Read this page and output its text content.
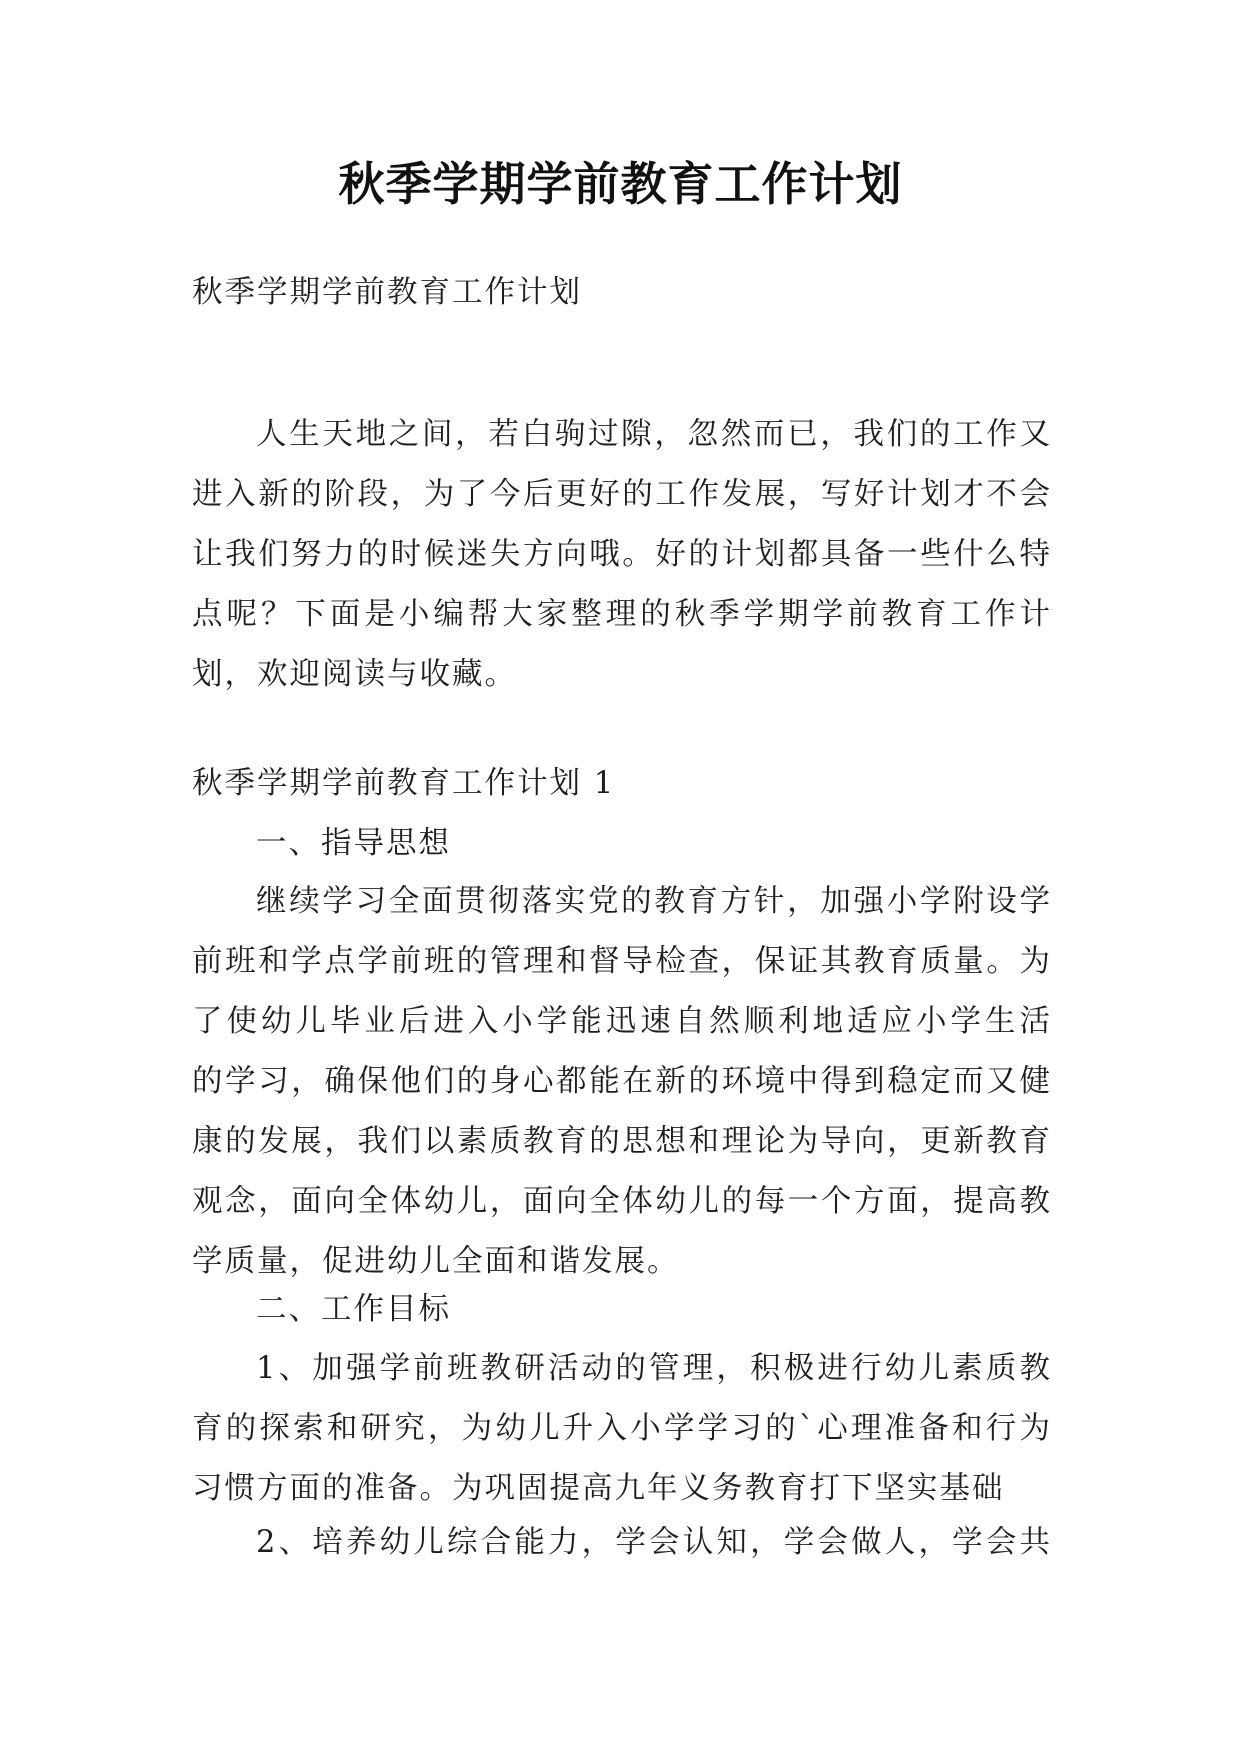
秋季学期学前教育工作计划
秋季学期学前教育工作计划
人生天地之间，若白驹过隙，忽然而已，我们的工作又
进入新的阶段，为了今后更好的工作发展，写好计划才不会
让我们努力的时候迷失方向哦。好的计划都具备一些什么特
点呢？下面是小编帮大家整理的秋季学期学前教育工作计
划，欢迎阅读与收藏。
秋季学期学前教育工作计划 1
一、指导思想
继续学习全面贯彻落实党的教育方针，加强小学附设学
前班和学点学前班的管理和督导检查，保证其教育质量。为
了使幼儿毕业后进入小学能迅速自然顺利地适应小学生活
的学习，确保他们的身心都能在新的环境中得到稳定而又健
康的发展，我们以素质教育的思想和理论为导向，更新教育
观念，面向全体幼儿，面向全体幼儿的每一个方面，提高教
学质量，促进幼儿全面和谐发展。
二、工作目标
1、加强学前班教研活动的管理，积极进行幼儿素质教
育的探索和研究，为幼儿升入小学学习的`心理准备和行为
习惯方面的准备。为巩固提高九年义务教育打下坚实基础
2、培养幼儿综合能力，学会认知，学会做人，学会共
